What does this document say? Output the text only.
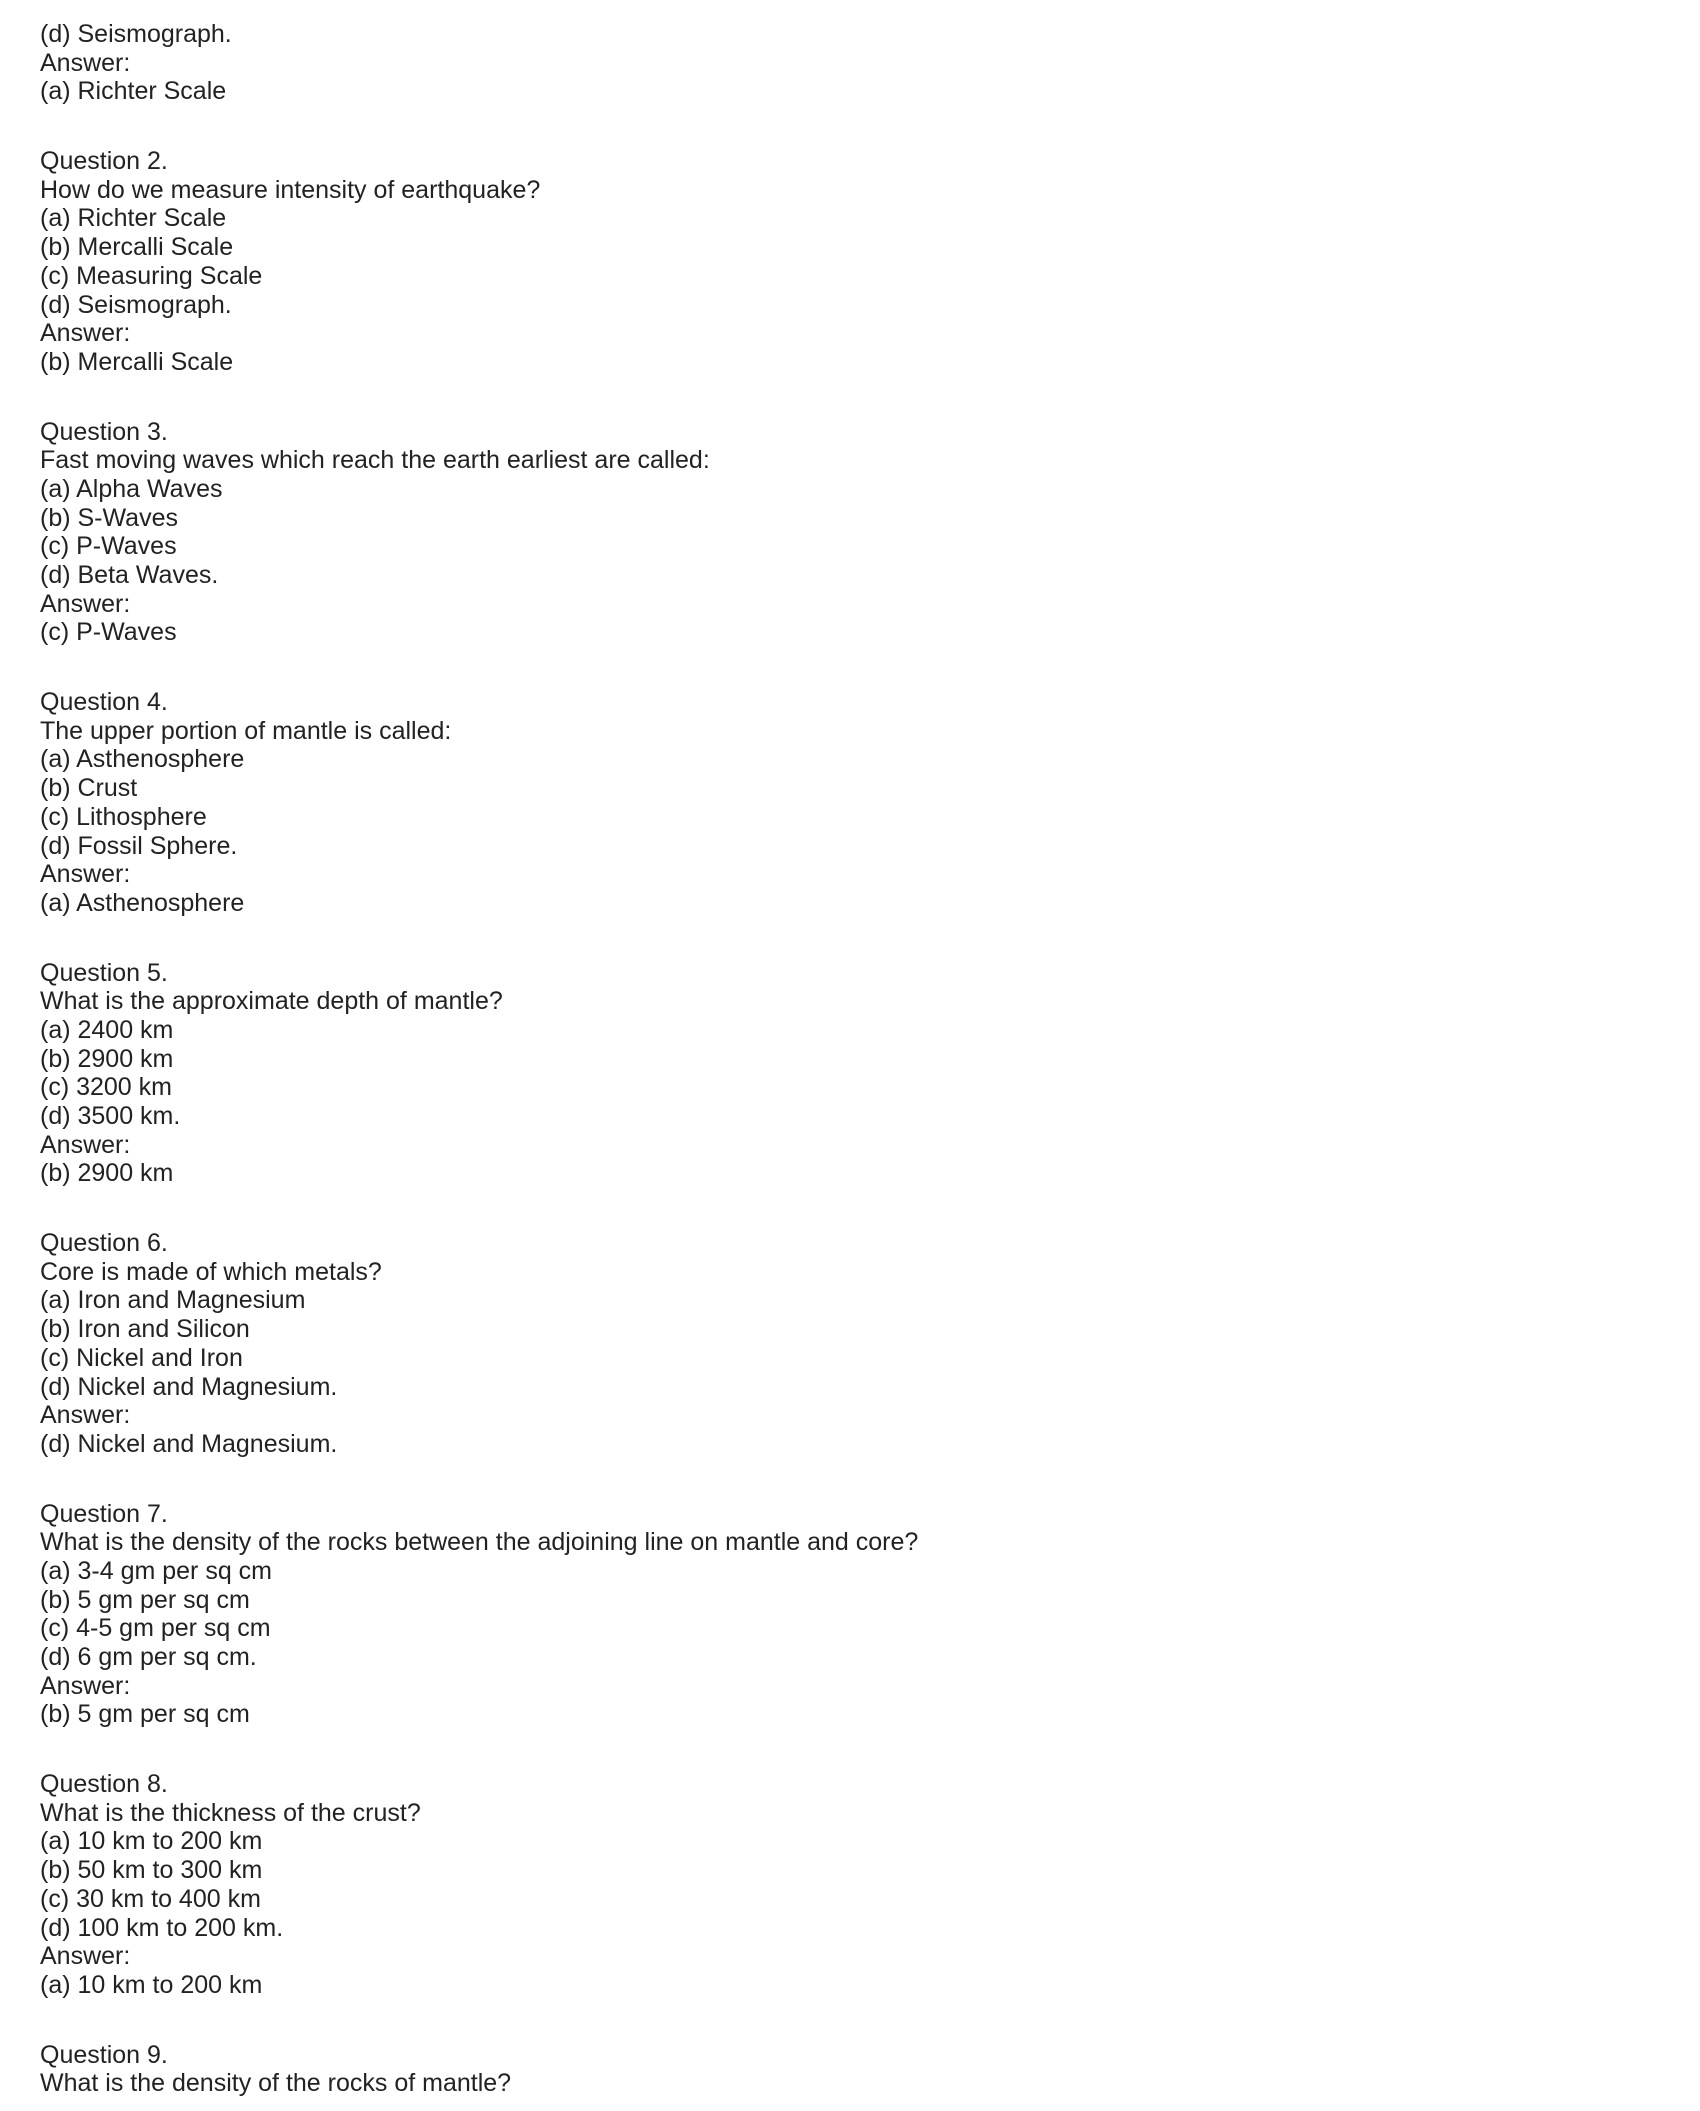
(d) Seismograph.
Answer:
(a) Richter Scale
Question 2.
How do we measure intensity of earthquake?
(a) Richter Scale
(b) Mercalli Scale
(c) Measuring Scale
(d) Seismograph.
Answer:
(b) Mercalli Scale
Question 3.
Fast moving waves which reach the earth earliest are called:
(a) Alpha Waves
(b) S-Waves
(c) P-Waves
(d) Beta Waves.
Answer:
(c) P-Waves
Question 4.
The upper portion of mantle is called:
(a) Asthenosphere
(b) Crust
(c) Lithosphere
(d) Fossil Sphere.
Answer:
(a) Asthenosphere
Question 5.
What is the approximate depth of mantle?
(a) 2400 km
(b) 2900 km
(c) 3200 km
(d) 3500 km.
Answer:
(b) 2900 km
Question 6.
Core is made of which metals?
(a) Iron and Magnesium
(b) Iron and Silicon
(c) Nickel and Iron
(d) Nickel and Magnesium.
Answer:
(d) Nickel and Magnesium.
Question 7.
What is the density of the rocks between the adjoining line on mantle and core?
(a) 3-4 gm per sq cm
(b) 5 gm per sq cm
(c) 4-5 gm per sq cm
(d) 6 gm per sq cm.
Answer:
(b) 5 gm per sq cm
Question 8.
What is the thickness of the crust?
(a) 10 km to 200 km
(b) 50 km to 300 km
(c) 30 km to 400 km
(d) 100 km to 200 km.
Answer:
(a) 10 km to 200 km
Question 9.
What is the density of the rocks of mantle?
